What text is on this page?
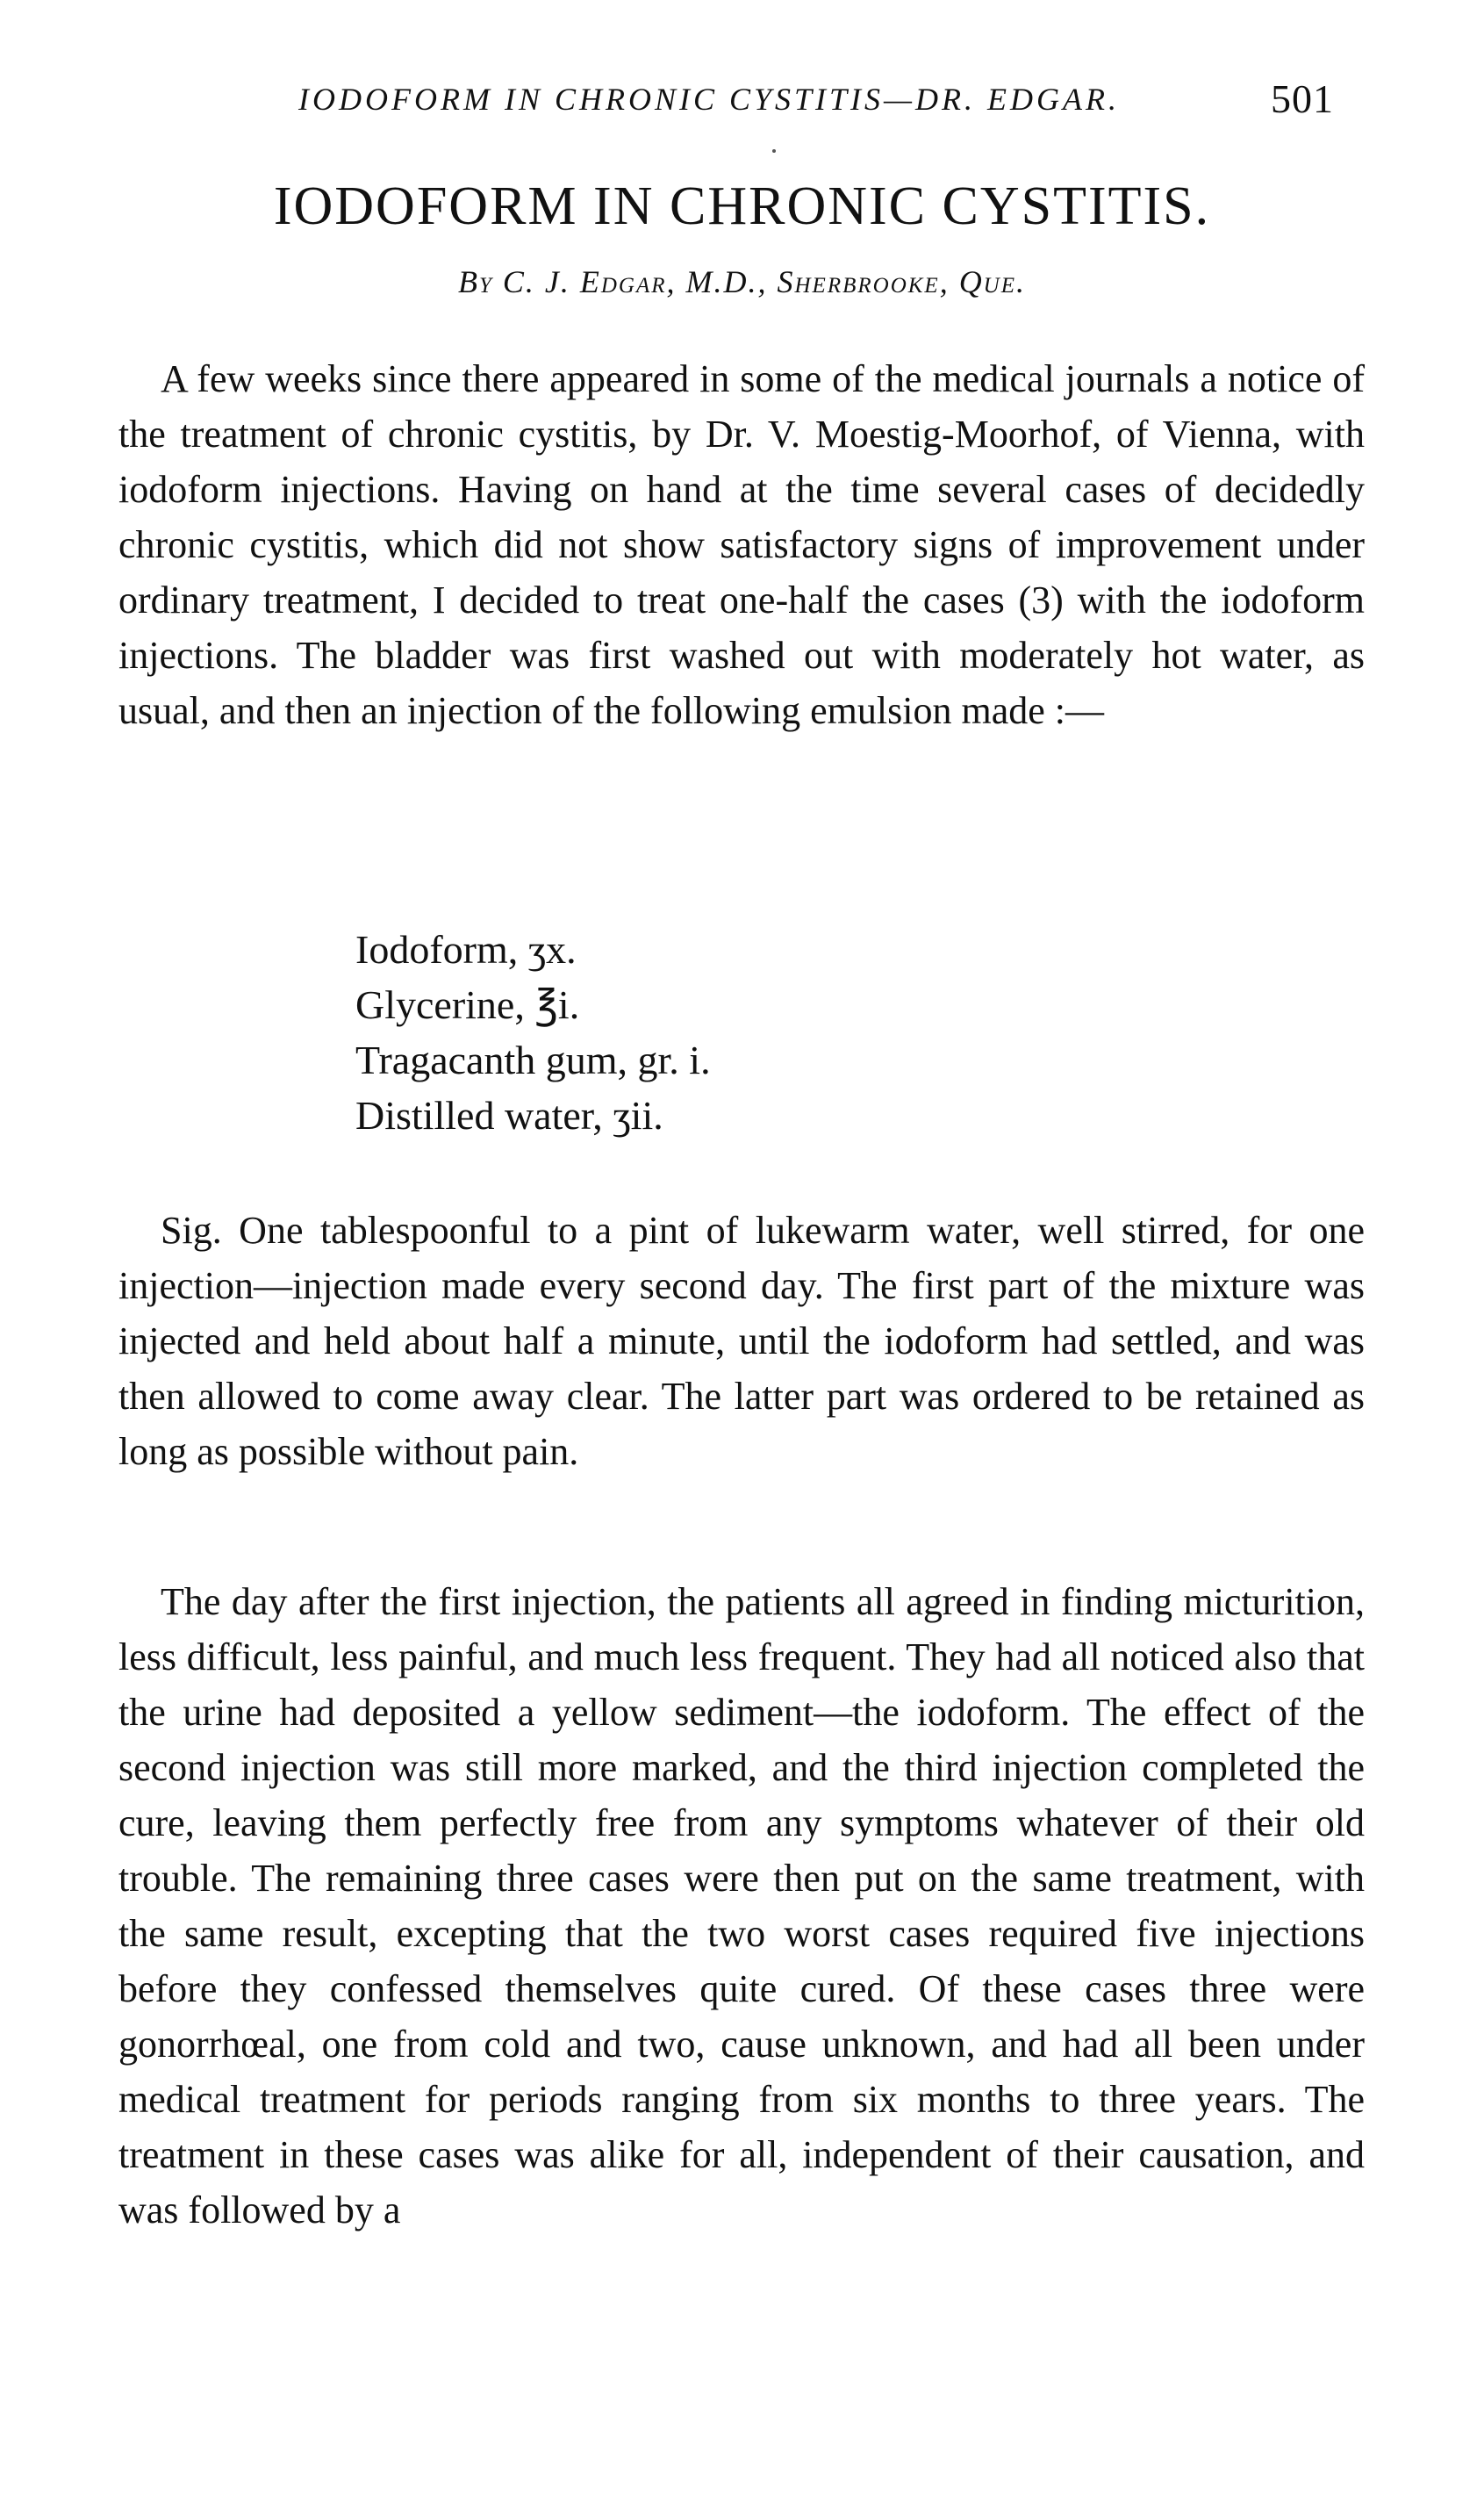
IODOFORM IN CHRONIC CYSTITIS—DR. EDGAR.	501
IODOFORM IN CHRONIC CYSTITIS.
By C. J. Edgar, M.D., Sherbrooke, Que.

A few weeks since there appeared in some of the medical journals a notice of the treatment of chronic cystitis, by Dr. V. Moestig-Moorhof, of Vienna, with iodoform injections. Having on hand at the time several cases of decidedly chronic cystitis, which did not show satisfactory signs of improvement under ordinary treatment, I decided to treat one-half the cases (3) with the iodoform injections. The bladder was first washed out with moderately hot water, as usual, and then an injection of the following emulsion made :—

Iodoform, ʒx.
Glycerine, ℥i.
Tragacanth gum, gr. i.
Distilled water, ʒii.

Sig. One tablespoonful to a pint of lukewarm water, well stirred, for one injection—injection made every second day. The first part of the mixture was injected and held about half a minute, until the iodoform had settled, and was then allowed to come away clear. The latter part was ordered to be retained as long as possible without pain.

The day after the first injection, the patients all agreed in finding micturition, less difficult, less painful, and much less frequent. They had all noticed also that the urine had deposited a yellow sediment—the iodoform. The effect of the second injection was still more marked, and the third injection completed the cure, leaving them perfectly free from any symptoms whatever of their old trouble. The remaining three cases were then put on the same treatment, with the same result, excepting that the two worst cases required five injections before they confessed themselves quite cured. Of these cases three were gonorrhœal, one from cold and two, cause unknown, and had all been under medical treatment for periods ranging from six months to three years. The treatment in these cases was alike for all, independent of their causation, and was followed by a
